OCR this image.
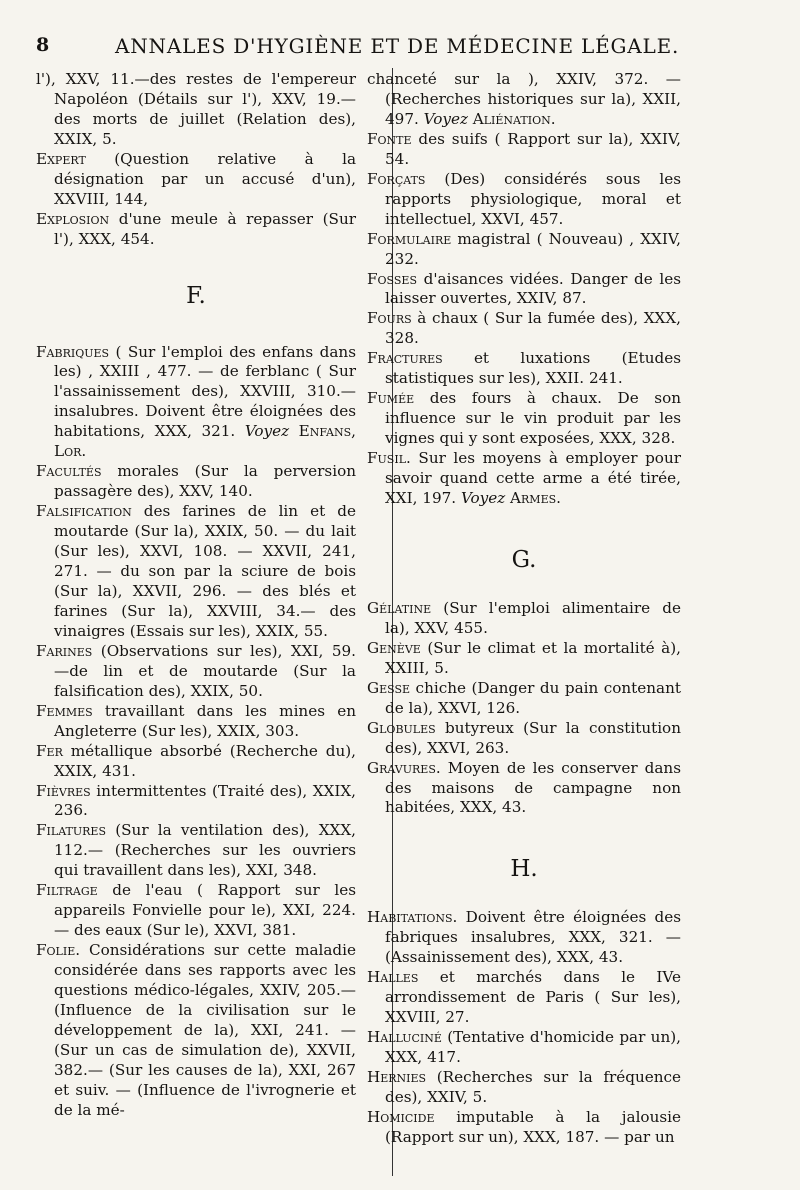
8	ANNALES D'HYGIÈNE ET DE MÉDECINE LÉGALE.

l'), XXV, 11.—des restes de l'empereur Napoléon (Détails sur l'), XXV, 19.— des morts de juillet (Relation des), XXIX, 5.

Expert (Question relative à la désignation par un accusé d'un), XXVIII, 144,

Explosion d'une meule à repasser (Sur l'), XXX, 454.

F.

Fabriques ( Sur l'emploi des enfans dans les) , XXIII , 477. — de ferblanc ( Sur l'assainissement des), XXVIII, 310.— insalubres. Doivent être éloignées des habitations, XXX, 321. Voyez Enfans, Lor.

Facultés morales (Sur la perversion passagère des), XXV, 140.

Falsification des farines de lin et de moutarde (Sur la), XXIX, 50. — du lait (Sur les), XXVI, 108. — XXVII, 241, 271. — du son par la sciure de bois (Sur la), XXVII, 296. — des blés et farines (Sur la), XXVIII, 34.— des vinaigres (Essais sur les), XXIX, 55.

Farines (Observations sur les), XXI, 59. —de lin et de moutarde (Sur la falsification des), XXIX, 50.

Femmes travaillant dans les mines en Angleterre (Sur les), XXIX, 303.

Fer métallique absorbé (Recherche du), XXIX, 431.

Fièvres intermittentes (Traité des), XXIX, 236.

Filatures (Sur la ventilation des), XXX, 112.— (Recherches sur les ouvriers qui travaillent dans les), XXI, 348.

Filtrage de l'eau ( Rapport sur les appareils Fonvielle pour le), XXI, 224. — des eaux (Sur le), XXVI, 381.

Folie. Considérations sur cette maladie considérée dans ses rapports avec les questions médico-légales, XXIV, 205.— (Influence de la civilisation sur le développement de la), XXI, 241. — (Sur un cas de simulation de), XXVII, 382.— (Sur les causes de la), XXI, 267 et suiv. — (Influence de l'ivrognerie et de la mé-

chanceté sur la ), XXIV, 372. — (Recherches historiques sur la), XXII, 497. Voyez Aliénation.

Fonte des suifs ( Rapport sur la), XXIV, 54.

Forçats (Des) considérés sous les rapports physiologique, moral et intellectuel, XXVI, 457.

Formulaire magistral ( Nouveau) , XXIV, 232.

Fosses d'aisances vidées. Danger de les laisser ouvertes, XXIV, 87.

Fours à chaux ( Sur la fumée des), XXX, 328.

Fractures et luxations (Etudes statistiques sur les), XXII. 241.

Fumée des fours à chaux. De son influence sur le vin produit par les vignes qui y sont exposées, XXX, 328.

Fusil. Sur les moyens à employer pour savoir quand cette arme a été tirée, XXI, 197. Voyez Armes.

G.

Gélatine (Sur l'emploi alimentaire de la), XXV, 455.

Genève (Sur le climat et la mortalité à), XXIII, 5.

Gesse chiche (Danger du pain contenant de la), XXVI, 126.

Globules butyreux (Sur la constitution des), XXVI, 263.

Gravures. Moyen de les conserver dans des maisons de campagne non habitées, XXX, 43.

H.

Habitations. Doivent être éloignées des fabriques insalubres, XXX, 321. — (Assainissement des), XXX, 43.

Halles et marchés dans le IVe arrondissement de Paris ( Sur les), XXVIII, 27.

Halluciné (Tentative d'homicide par un), XXX, 417.

Hernies (Recherches sur la fréquence des), XXIV, 5.

Homicide imputable à la jalousie (Rapport sur un), XXX, 187. — par un
